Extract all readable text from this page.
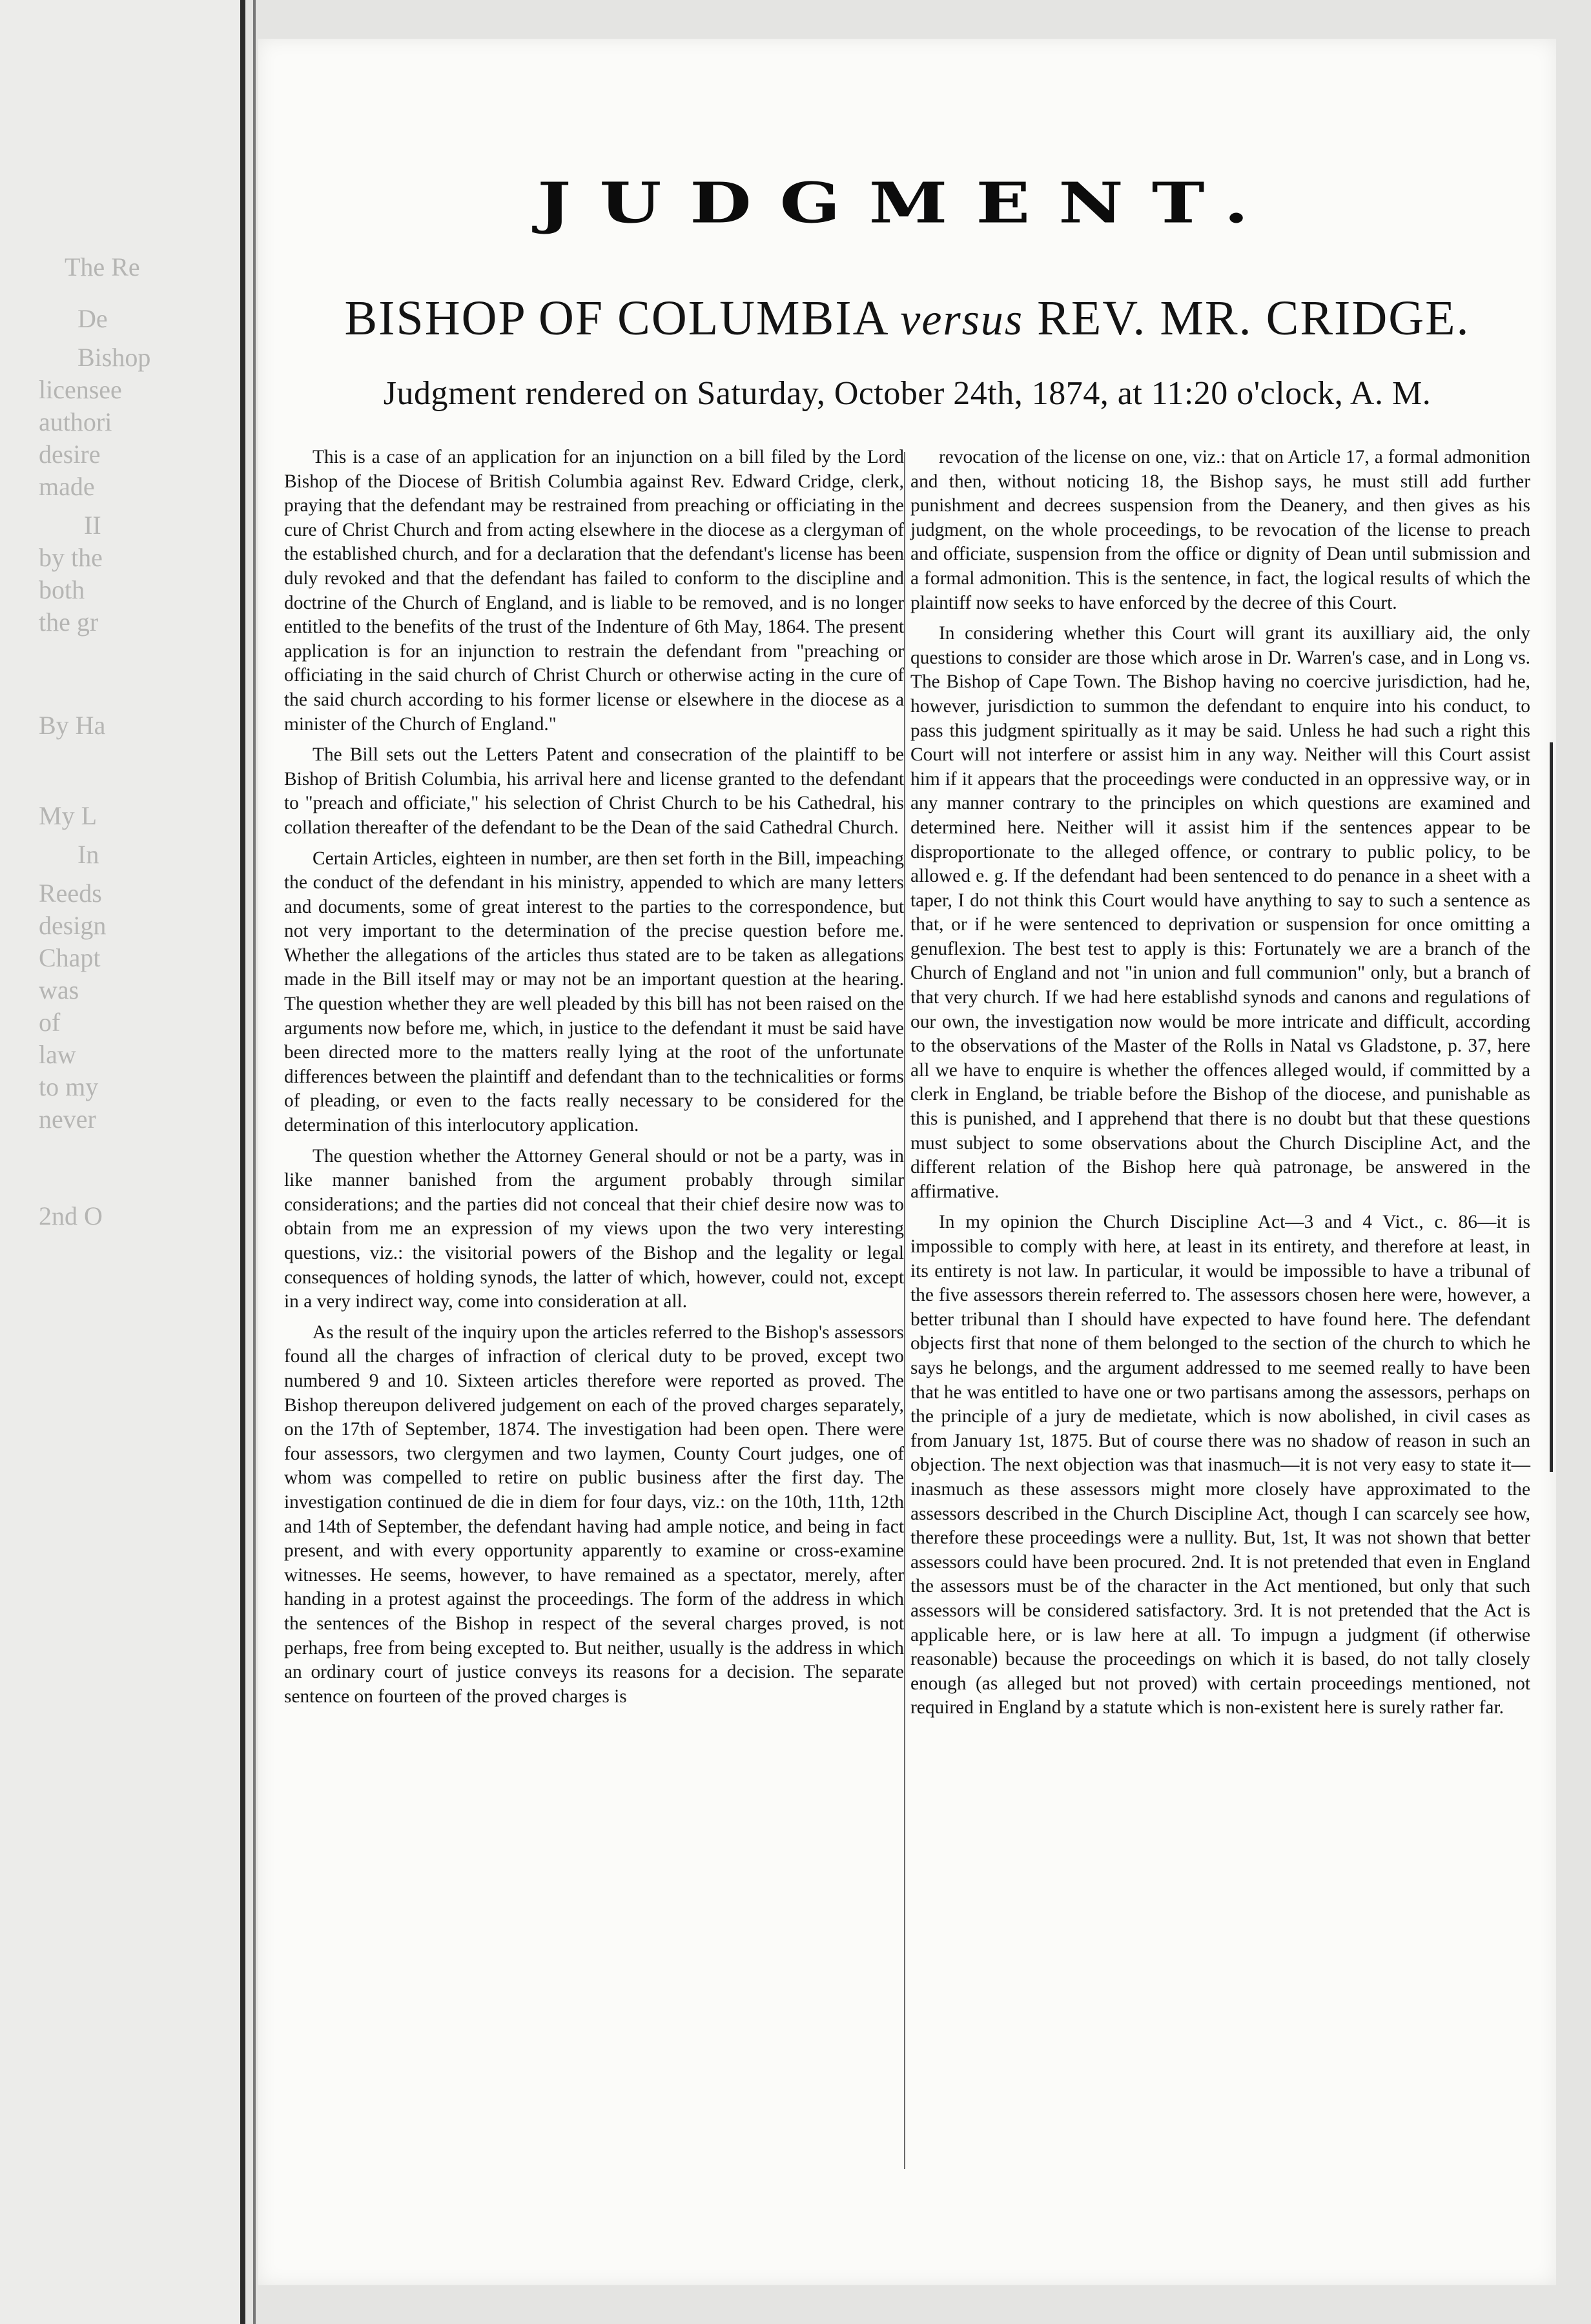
The Re
De
Bishop
licensee
authori
desire
made
II
by the
both
the gr
By Ha
My L
In
Reeds
design
Chapt
was
of
law
to my
never
2nd O
JUDGMENT.
BISHOP OF COLUMBIA versus REV. MR. CRIDGE.
Judgment rendered on Saturday, October 24th, 1874, at 11:20 o'clock, A. M.

This is a case of an application for an injunction on a bill filed by the Lord Bishop of the Diocese of British Columbia against Rev. Edward Cridge, clerk, praying that the defendant may be restrained from preaching or officiating in the cure of Christ Church and from acting elsewhere in the diocese as a clergyman of the established church, and for a declaration that the defendant's license has been duly revoked and that the defendant has failed to conform to the discipline and doctrine of the Church of England, and is liable to be removed, and is no longer entitled to the benefits of the trust of the Indenture of 6th May, 1864. The present application is for an injunction to restrain the defendant from "preaching or officiating in the said church of Christ Church or otherwise acting in the cure of the said church according to his former license or elsewhere in the diocese as a minister of the Church of England."

The Bill sets out the Letters Patent and consecration of the plaintiff to be Bishop of British Columbia, his arrival here and license granted to the defendant to "preach and officiate," his selection of Christ Church to be his Cathedral, his collation thereafter of the defendant to be the Dean of the said Cathedral Church.

Certain Articles, eighteen in number, are then set forth in the Bill, impeaching the conduct of the defendant in his ministry, appended to which are many letters and documents, some of great interest to the parties to the correspondence, but not very important to the determination of the precise question before me. Whether the allegations of the articles thus stated are to be taken as allegations made in the Bill itself may or may not be an important question at the hearing. The question whether they are well pleaded by this bill has not been raised on the arguments now before me, which, in justice to the defendant it must be said have been directed more to the matters really lying at the root of the unfortunate differences between the plaintiff and defendant than to the technicalities or forms of pleading, or even to the facts really necessary to be considered for the determination of this interlocutory application.

The question whether the Attorney General should or not be a party, was in like manner banished from the argument probably through similar considerations; and the parties did not conceal that their chief desire now was to obtain from me an expression of my views upon the two very interesting questions, viz.: the visitorial powers of the Bishop and the legality or legal consequences of holding synods, the latter of which, however, could not, except in a very indirect way, come into consideration at all.

As the result of the inquiry upon the articles referred to the Bishop's assessors found all the charges of infraction of clerical duty to be proved, except two numbered 9 and 10. Sixteen articles therefore were reported as proved. The Bishop thereupon delivered judgement on each of the proved charges separately, on the 17th of September, 1874. The investigation had been open. There were four assessors, two clergymen and two laymen, County Court judges, one of whom was compelled to retire on public business after the first day. The investigation continued de die in diem for four days, viz.: on the 10th, 11th, 12th and 14th of September, the defendant having had ample notice, and being in fact present, and with every opportunity apparently to examine or cross-examine witnesses. He seems, however, to have remained as a spectator, merely, after handing in a protest against the proceedings. The form of the address in which the sentences of the Bishop in respect of the several charges proved, is not perhaps, free from being excepted to. But neither, usually is the address in which an ordinary court of justice conveys its reasons for a decision. The separate sentence on fourteen of the proved charges is

revocation of the license on one, viz.: that on Article 17, a formal admonition and then, without noticing 18, the Bishop says, he must still add further punishment and decrees suspension from the Deanery, and then gives as his judgment, on the whole proceedings, to be revocation of the license to preach and officiate, suspension from the office or dignity of Dean until submission and a formal admonition. This is the sentence, in fact, the logical results of which the plaintiff now seeks to have enforced by the decree of this Court.

In considering whether this Court will grant its auxilliary aid, the only questions to consider are those which arose in Dr. Warren's case, and in Long vs. The Bishop of Cape Town. The Bishop having no coercive jurisdiction, had he, however, jurisdiction to summon the defendant to enquire into his conduct, to pass this judgment spiritually as it may be said. Unless he had such a right this Court will not interfere or assist him in any way. Neither will this Court assist him if it appears that the proceedings were conducted in an oppressive way, or in any manner contrary to the principles on which questions are examined and determined here. Neither will it assist him if the sentences appear to be disproportionate to the alleged offence, or contrary to public policy, to be allowed e. g. If the defendant had been sentenced to do penance in a sheet with a taper, I do not think this Court would have anything to say to such a sentence as that, or if he were sentenced to deprivation or suspension for once omitting a genuflexion. The best test to apply is this: Fortunately we are a branch of the Church of England and not "in union and full communion" only, but a branch of that very church. If we had here establishd synods and canons and regulations of our own, the investigation now would be more intricate and difficult, according to the observations of the Master of the Rolls in Natal vs Gladstone, p. 37, here all we have to enquire is whether the offences alleged would, if committed by a clerk in England, be triable before the Bishop of the diocese, and punishable as this is punished, and I apprehend that there is no doubt but that these questions must subject to some observations about the Church Discipline Act, and the different relation of the Bishop here quà patronage, be answered in the affirmative.

In my opinion the Church Discipline Act—3 and 4 Vict., c. 86—it is impossible to comply with here, at least in its entirety, and therefore at least, in its entirety is not law. In particular, it would be impossible to have a tribunal of the five assessors therein referred to. The assessors chosen here were, however, a better tribunal than I should have expected to have found here. The defendant objects first that none of them belonged to the section of the church to which he says he belongs, and the argument addressed to me seemed really to have been that he was entitled to have one or two partisans among the assessors, perhaps on the principle of a jury de medietate, which is now abolished, in civil cases as from January 1st, 1875. But of course there was no shadow of reason in such an objection. The next objection was that inasmuch—it is not very easy to state it—inasmuch as these assessors might more closely have approximated to the assessors described in the Church Discipline Act, though I can scarcely see how, therefore these proceedings were a nullity. But, 1st, It was not shown that better assessors could have been procured. 2nd. It is not pretended that even in England the assessors must be of the character in the Act mentioned, but only that such assessors will be considered satisfactory. 3rd. It is not pretended that the Act is applicable here, or is law here at all. To impugn a judgment (if otherwise reasonable) because the proceedings on which it is based, do not tally closely enough (as alleged but not proved) with certain proceedings mentioned, not required in England by a statute which is non-existent here is surely rather far.
